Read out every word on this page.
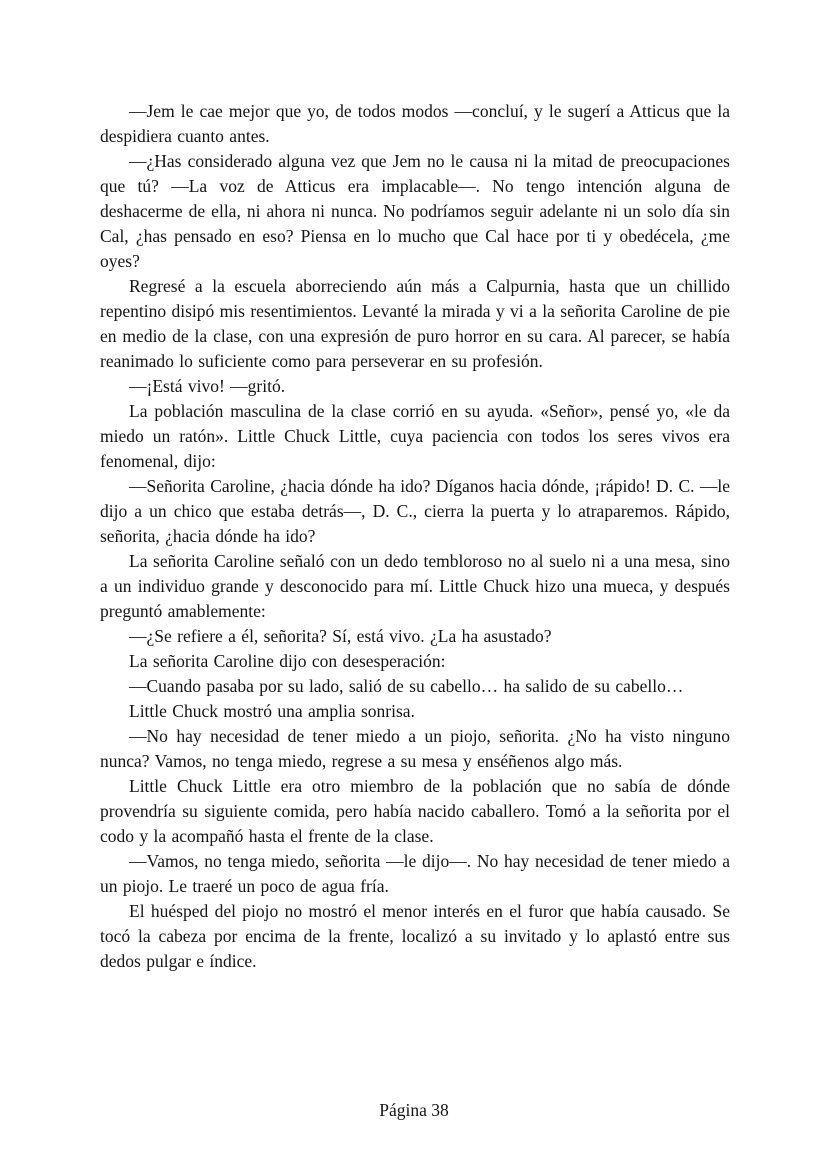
—Jem le cae mejor que yo, de todos modos —concluí, y le sugerí a Atticus que la despidiera cuanto antes.

—¿Has considerado alguna vez que Jem no le causa ni la mitad de preocupaciones que tú? —La voz de Atticus era implacable—. No tengo intención alguna de deshacerme de ella, ni ahora ni nunca. No podríamos seguir adelante ni un solo día sin Cal, ¿has pensado en eso? Piensa en lo mucho que Cal hace por ti y obedécela, ¿me oyes?

Regresé a la escuela aborreciendo aún más a Calpurnia, hasta que un chillido repentino disipó mis resentimientos. Levanté la mirada y vi a la señorita Caroline de pie en medio de la clase, con una expresión de puro horror en su cara. Al parecer, se había reanimado lo suficiente como para perseverar en su profesión.

—¡Está vivo! —gritó.

La población masculina de la clase corrió en su ayuda. «Señor», pensé yo, «le da miedo un ratón». Little Chuck Little, cuya paciencia con todos los seres vivos era fenomenal, dijo:

—Señorita Caroline, ¿hacia dónde ha ido? Díganos hacia dónde, ¡rápido! D. C. —le dijo a un chico que estaba detrás—, D. C., cierra la puerta y lo atraparemos. Rápido, señorita, ¿hacia dónde ha ido?

La señorita Caroline señaló con un dedo tembloroso no al suelo ni a una mesa, sino a un individuo grande y desconocido para mí. Little Chuck hizo una mueca, y después preguntó amablemente:

—¿Se refiere a él, señorita? Sí, está vivo. ¿La ha asustado?

La señorita Caroline dijo con desesperación:

—Cuando pasaba por su lado, salió de su cabello… ha salido de su cabello…

Little Chuck mostró una amplia sonrisa.

—No hay necesidad de tener miedo a un piojo, señorita. ¿No ha visto ninguno nunca? Vamos, no tenga miedo, regrese a su mesa y enséñenos algo más.

Little Chuck Little era otro miembro de la población que no sabía de dónde provendría su siguiente comida, pero había nacido caballero. Tomó a la señorita por el codo y la acompañó hasta el frente de la clase.

—Vamos, no tenga miedo, señorita —le dijo—. No hay necesidad de tener miedo a un piojo. Le traeré un poco de agua fría.

El huésped del piojo no mostró el menor interés en el furor que había causado. Se tocó la cabeza por encima de la frente, localizó a su invitado y lo aplastó entre sus dedos pulgar e índice.

Página 38
